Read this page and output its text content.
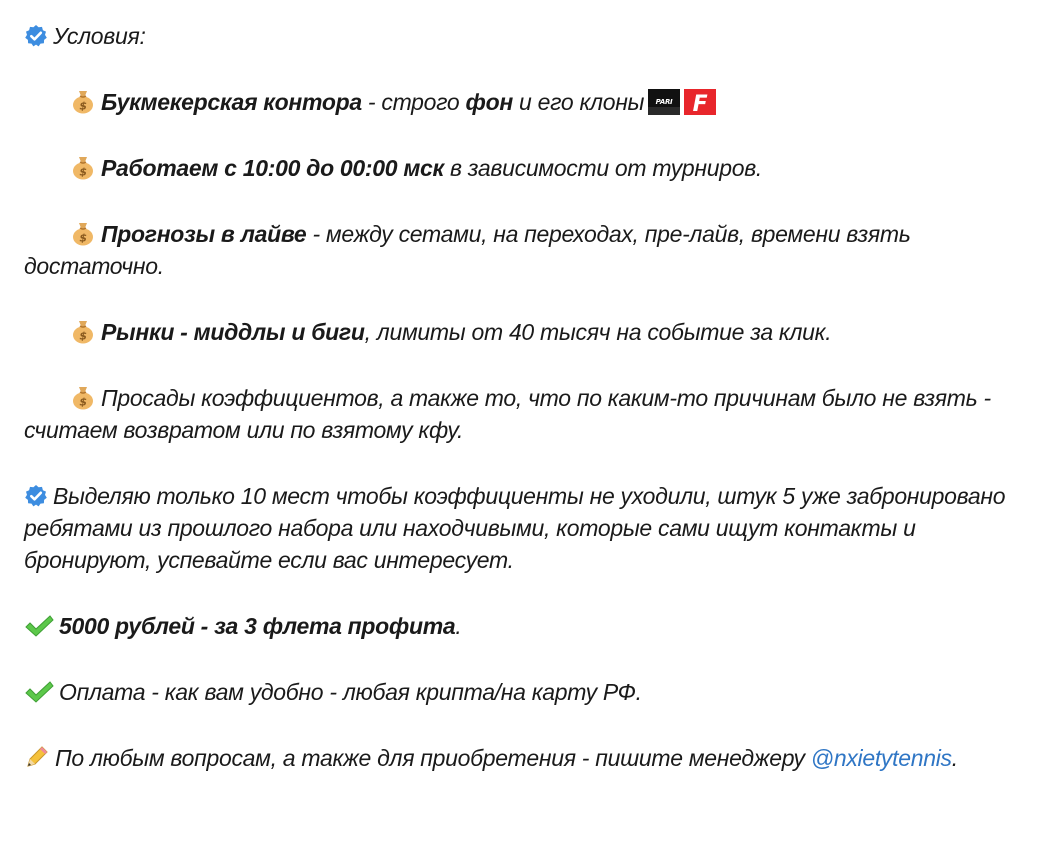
Условия:

$ Букмекерская контора - строго фон и его клоны PARI F

$ Работаем с 10:00 до 00:00 мск в зависимости от турниров.

$ Прогнозы в лайве - между сетами, на переходах, пре-лайв, времени взять достаточно.

$ Рынки - миддлы и биги, лимиты от 40 тысяч на событие за клик.

$ Просады коэффициентов, а также то, что по каким-то причинам было не взять - считаем возвратом или по взятому кфу.

Выделяю только 10 мест чтобы коэффициенты не уходили, штук 5 уже забронировано ребятами из прошлого набора или находчивыми, которые сами ищут контакты и бронируют, успевайте если вас интересует.

5000 рублей - за 3 флета профита.

Оплата - как вам удобно - любая крипта/на карту РФ.

По любым вопросам, а также для приобретения - пишите менеджеру @nxietytennis.
